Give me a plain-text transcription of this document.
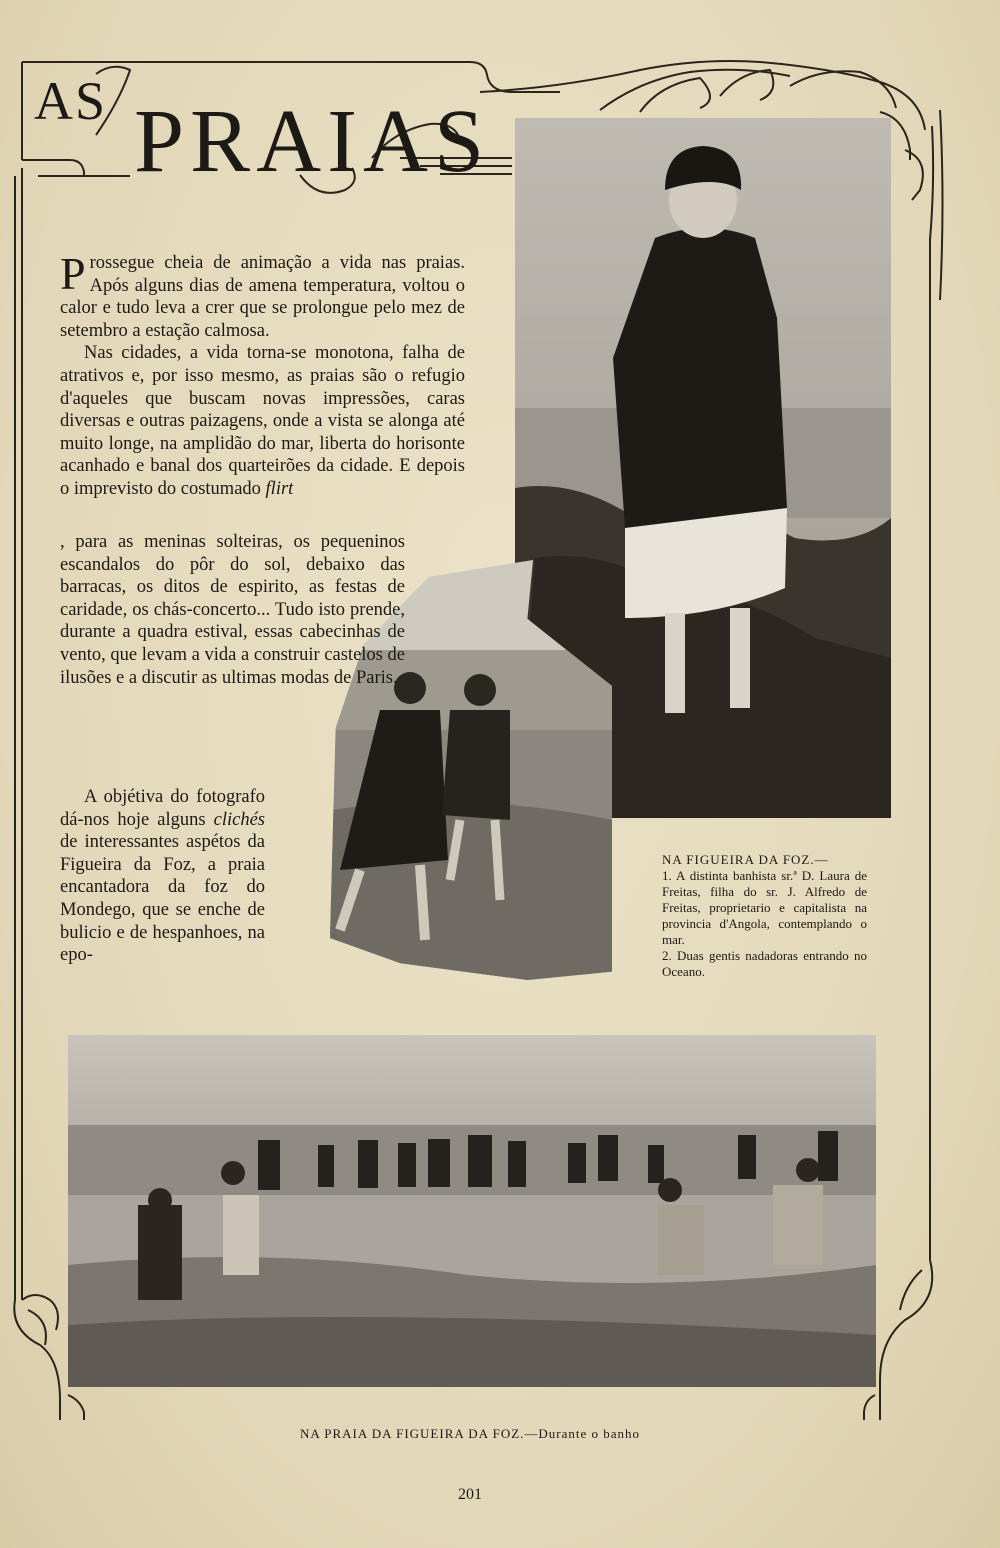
AS PRAIAS

Prossegue cheia de animação a vida nas praias. Após alguns dias de amena temperatura, voltou o calor e tudo leva a crer que se prolongue pelo mez de setembro a estação calmosa.

Nas cidades, a vida torna-se monotona, falha de atrativos e, por isso mesmo, as praias são o refugio d'aqueles que buscam novas impressões, caras diversas e outras paizagens, onde a vista se alonga até muito longe, na amplidão do mar, liberta do horisonte acanhado e banal dos quarteirões da cidade. E depois o imprevisto do costumado flirt

, para as meninas solteiras, os pequeninos escandalos do pôr do sol, debaixo das barracas, os ditos de espirito, as festas de caridade, os chás-concerto... Tudo isto prende, durante a quadra estival, essas cabecinhas de vento, que levam a vida a construir castelos de ilusões e a discutir as ultimas modas de Paris.
A objétiva do fotografo dá-nos hoje alguns clichés de interessantes aspétos da Figueira da Foz, a praia encantadora da foz do Mondego, que se enche de bulicio e de hespanhoes, na epo-
NA FIGUEIRA DA FOZ.—
1. A distinta banhista sr.ª D. Laura de Freitas, filha do sr. J. Alfredo de Freitas, proprietario e capitalista na provincia d'Angola, contemplando o mar.
2. Duas gentis nadadoras entrando no Oceano.
NA PRAIA DA FIGUEIRA DA FOZ.—Durante o banho
201
